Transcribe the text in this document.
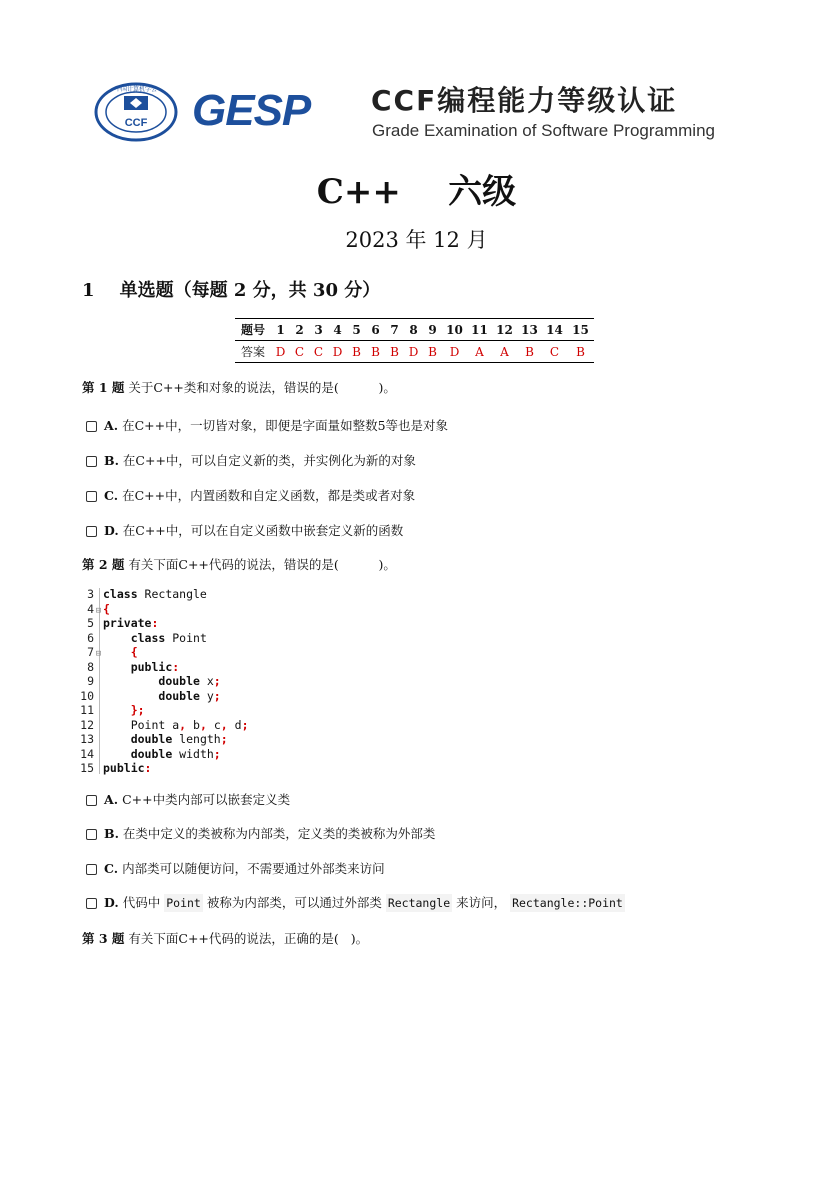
CCF
中国计算机学会 GESP CCF编程能力等级认证
Grade Examination of Software Programming
C++    六级
2023 年 12 月
1    单选题（每题 2 分，共 30 分）
题号	1	2	3	4	5	6	7	8	9	10	11	12	13	14	15
答案	D	C	C	D	B	B	B	D	B	D	A	A	B	C	B
第 1 题 关于C++类和对象的说法，错误的是(          )。
A. 在C++中，一切皆对象，即便是字面量如整数5等也是对象
B. 在C++中，可以自定义新的类，并实例化为新的对象
C. 在C++中，内置函数和自定义函数，都是类或者对象
D. 在C++中，可以在自定义函数中嵌套定义新的函数
第 2 题 有关下面C++代码的说法，错误的是(          )。
3 class Rectangle
4 ⊟ {
5 private:
6	class Point
7 ⊟	{
8	public:
9	double x;
10	double y;
11	};
12    Point a, b, c, d;
13	double length;
14	double width;
15 public:
A. C++中类内部可以嵌套定义类
B. 在类中定义的类被称为内部类，定义类的类被称为外部类
C. 内部类可以随便访问，不需要通过外部类来访问
D. 代码中 Point 被称为内部类，可以通过外部类 Rectangle 来访问， Rectangle::Point
第 3 题 有关下面C++代码的说法，正确的是(   )。
